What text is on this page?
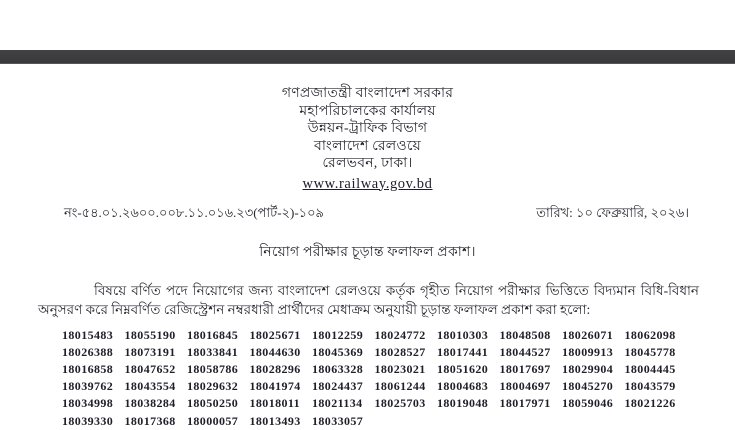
গণপ্রজাতন্ত্রী বাংলাদেশ সরকার
মহাপরিচালকের কার্যালয়
উন্নয়ন-ট্রাফিক বিভাগ
বাংলাদেশ রেলওয়ে
রেলভবন, ঢাকা।
www.railway.gov.bd
নং-৫৪.০১.২৬০০.০০৮.১১.০১৬.২৩(পার্ট-২)-১০৯	তারিখ: ১০ ফেব্রুয়ারি, ২০২৬।
নিয়োগ পরীক্ষার চূড়ান্ত ফলাফল প্রকাশ।

বিষয়ে বর্ণিত পদে নিয়োগের জন্য বাংলাদেশ রেলওয়ে কর্তৃক গৃহীত নিয়োগ পরীক্ষার ভিত্তিতে বিদ্যমান বিধি-বিধান অনুসরণ করে নিম্নবর্ণিত রেজিস্ট্রেশন নম্বরধারী প্রার্থীদের মেধাক্রম অনুযায়ী চূড়ান্ত ফলাফল প্রকাশ করা হলো:

18015483 18055190 18016845 18025671 18012259 18024772 18010303 18048508 18026071 18062098
18026388 18073191 18033841 18044630 18045369 18028527 18017441 18044527 18009913 18045778
18016858 18047652 18058786 18028296 18063328 18023021 18051620 18017697 18029904 18004445
18039762 18043554 18029632 18041974 18024437 18061244 18004683 18004697 18045270 18043579
18034998 18038284 18050250 18018011 18021134 18025703 18019048 18017971 18059046 18021226
18039330 18017368 18000057 18013493 18033057
